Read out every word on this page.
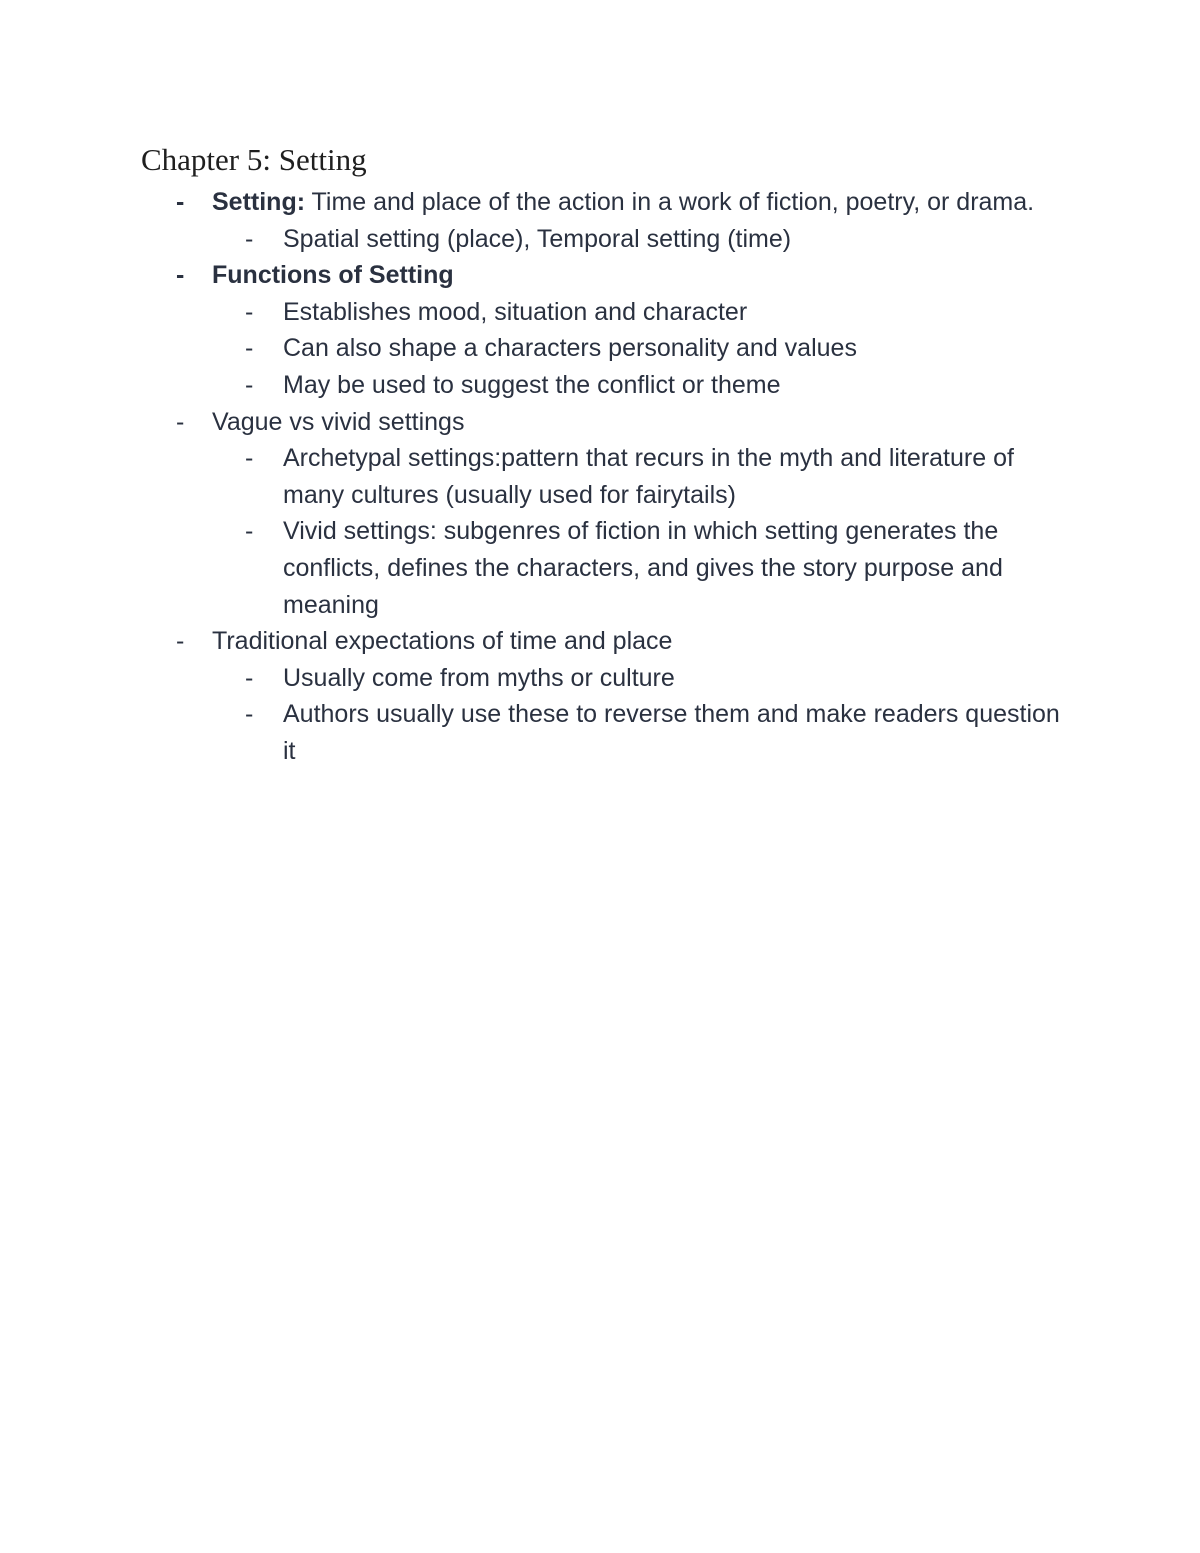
Chapter 5: Setting
- Setting: Time and place of the action in a work of fiction, poetry, or drama.
- Spatial setting (place), Temporal setting (time)
- Functions of Setting
- Establishes mood, situation and character
- Can also shape a characters personality and values
- May be used to suggest the conflict or theme
- Vague vs vivid settings
- Archetypal settings:pattern that recurs in the myth and literature of many cultures (usually used for fairytails)
- Vivid settings: subgenres of fiction in which setting generates the conflicts, defines the characters, and gives the story purpose and meaning
- Traditional expectations of time and place
- Usually come from myths or culture
- Authors usually use these to reverse them and make readers question it
